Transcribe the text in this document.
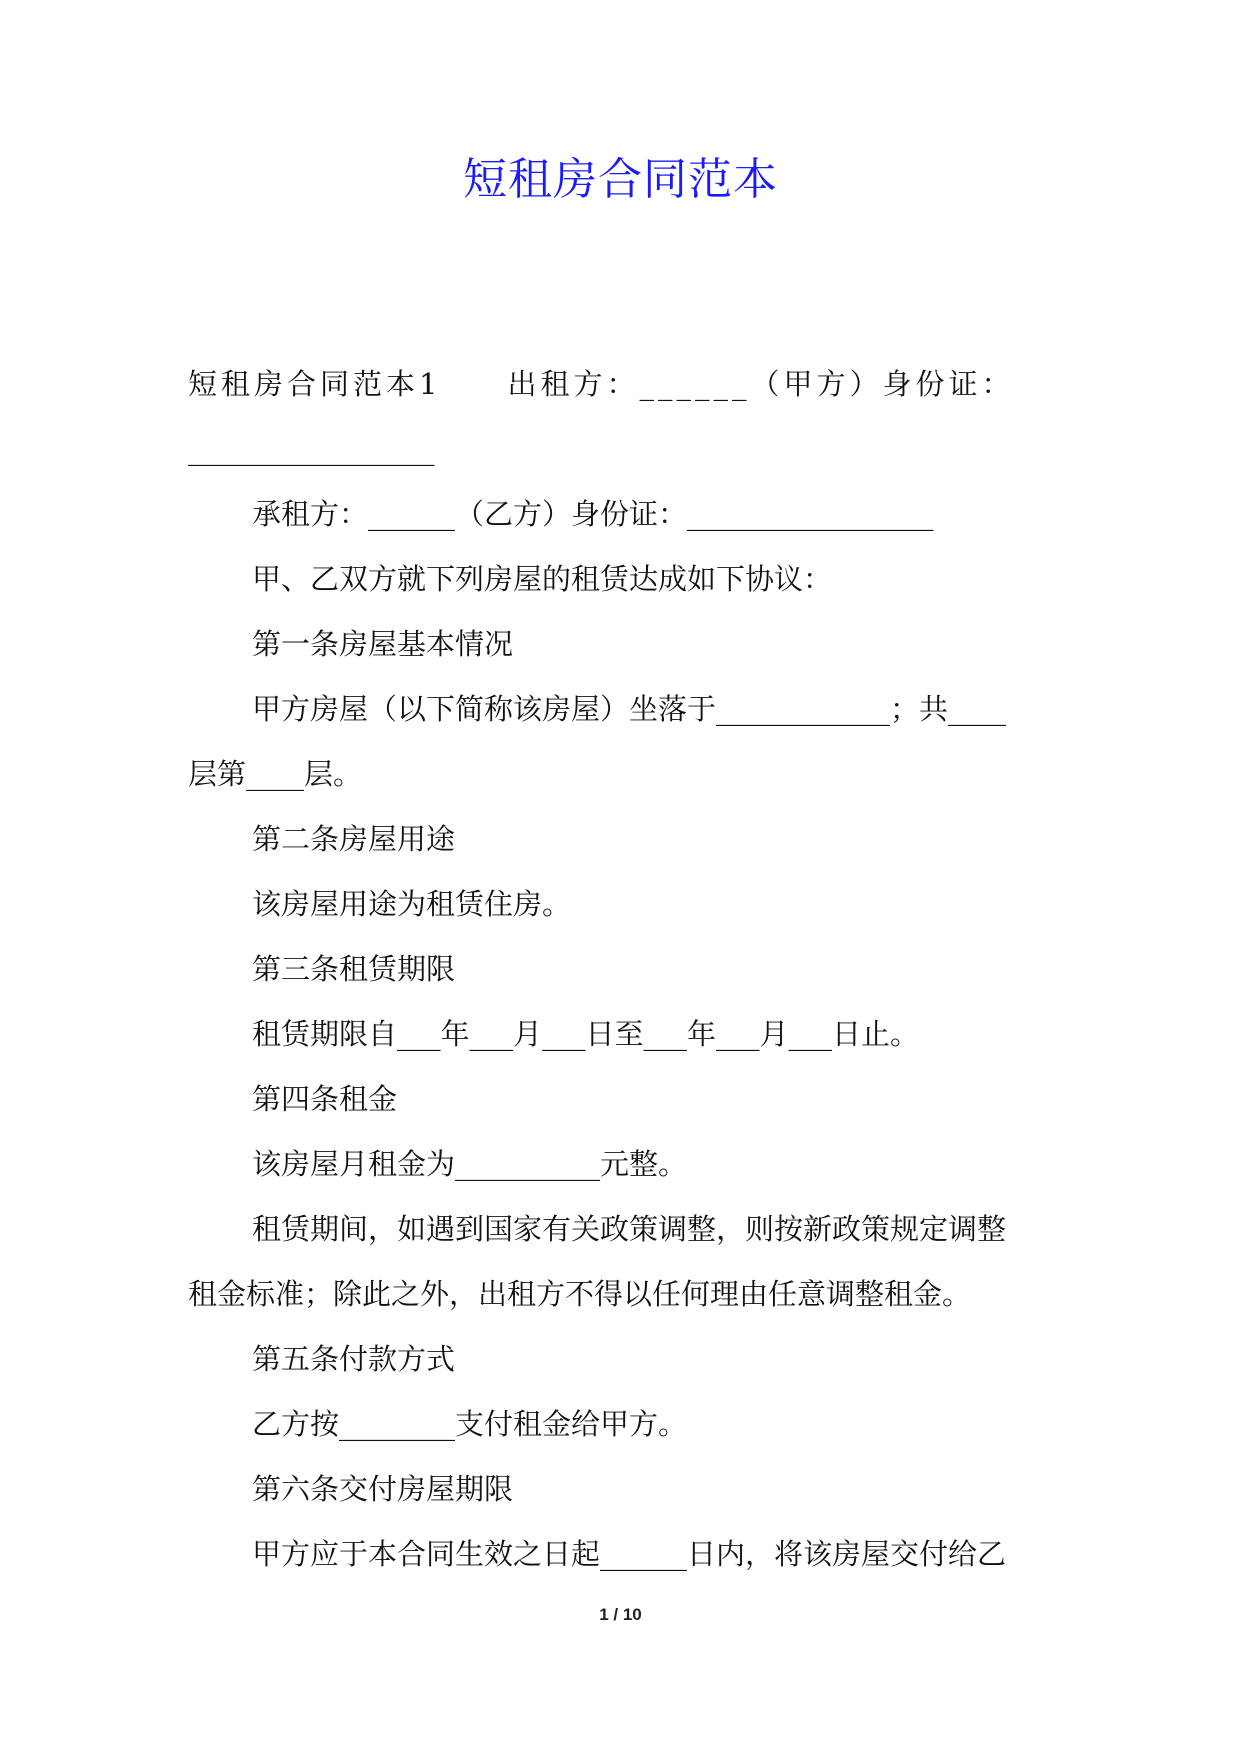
短租房合同范本
短租房合同范本1 出租方：______（甲方）身份证：
_________________
承租方：______（乙方）身份证：_________________
甲、乙双方就下列房屋的租赁达成如下协议：
第一条房屋基本情况
甲方房屋（以下简称该房屋）坐落于____________；共____
层第____层。
第二条房屋用途
该房屋用途为租赁住房。
第三条租赁期限
租赁期限自___年___月___日至___年___月___日止。
第四条租金
该房屋月租金为__________元整。
租赁期间，如遇到国家有关政策调整，则按新政策规定调整
租金标准；除此之外，出租方不得以任何理由任意调整租金。
第五条付款方式
乙方按________支付租金给甲方。
第六条交付房屋期限
甲方应于本合同生效之日起______日内，将该房屋交付给乙
1 / 10
